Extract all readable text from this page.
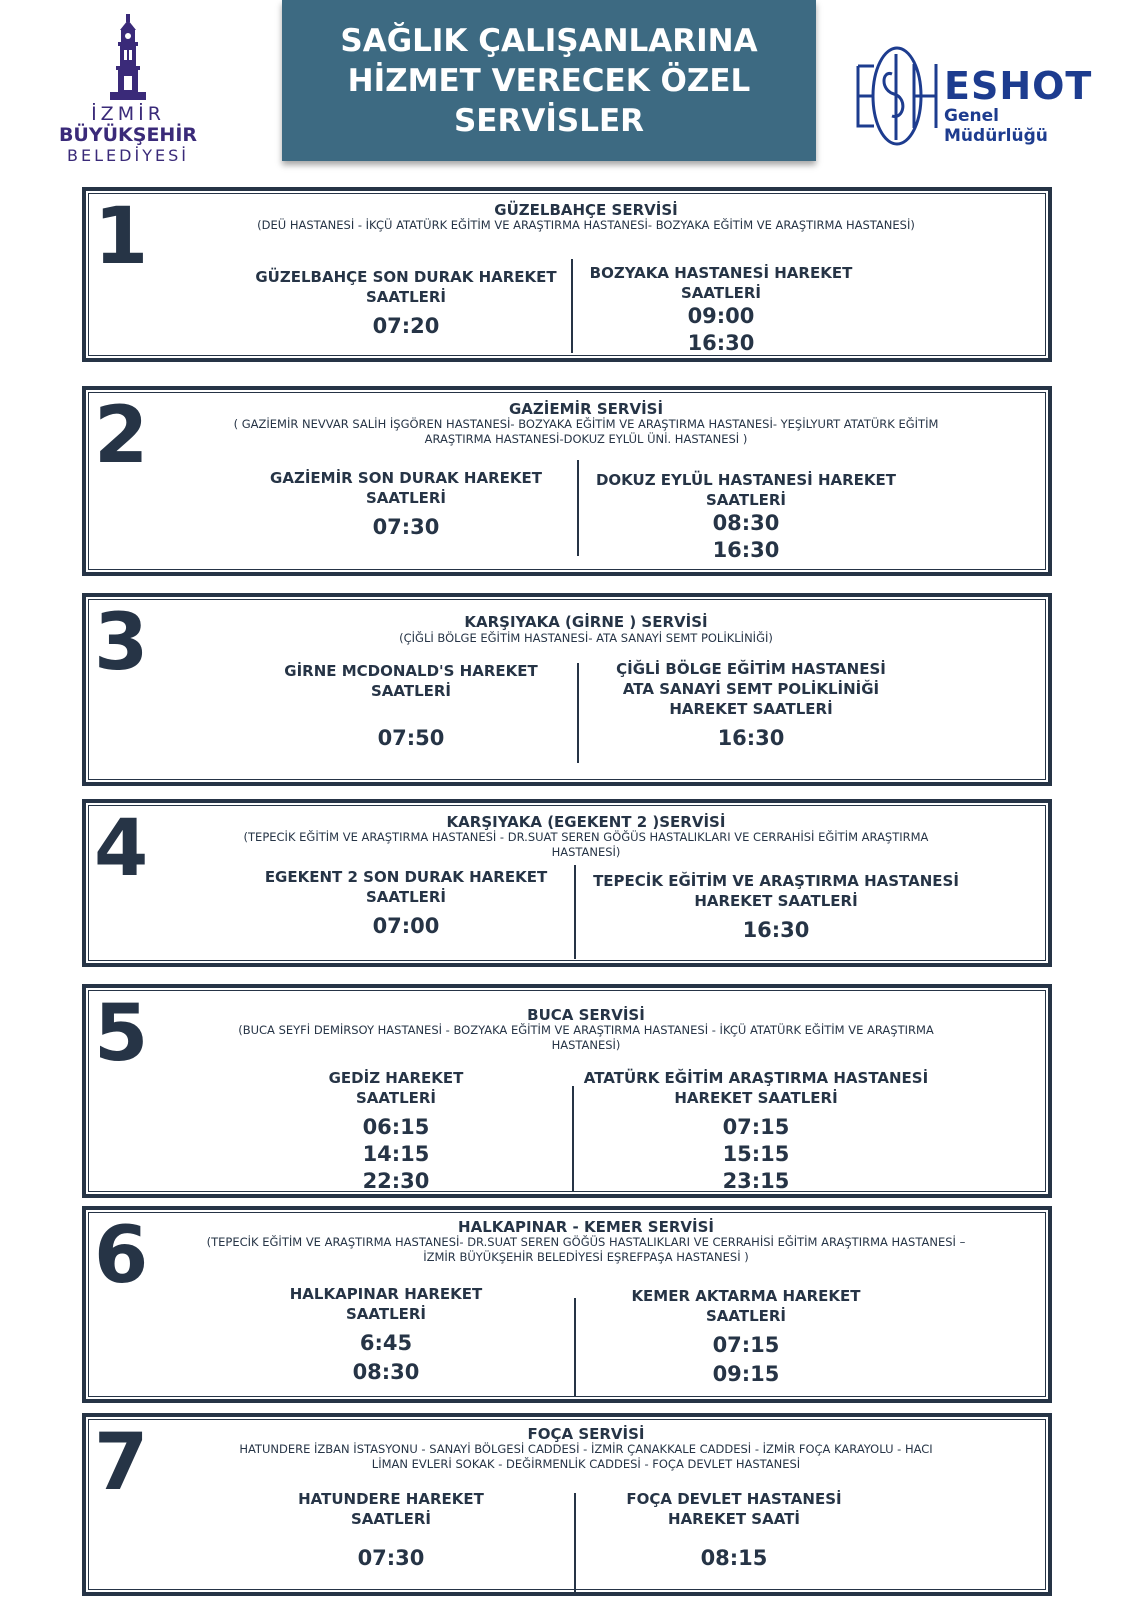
İZMİR
BÜYÜKŞEHİR
BELEDİYESİ
SAĞLIK ÇALIŞANLARINA
HİZMET VERECEK ÖZEL
SERVİSLER
ESHOT
Genel Müdürlüğü
1	GÜZELBAHÇE SERVİSİ
(DEÜ HASTANESİ - İKÇÜ ATATÜRK EĞİTİM VE ARAŞTIRMA HASTANESİ- BOZYAKA EĞİTİM VE ARAŞTIRMA HASTANESİ)
GÜZELBAHÇE SON DURAK HAREKET
SAATLERİ
07:20
BOZYAKA HASTANESİ HAREKET
SAATLERİ
09:00
16:30
2	GAZİEMİR SERVİSİ
( GAZİEMİR NEVVAR SALİH İŞGÖREN HASTANESİ- BOZYAKA EĞİTİM VE ARAŞTIRMA HASTANESİ- YEŞİLYURT ATATÜRK EĞİTİM ARAŞTIRMA HASTANESİ-DOKUZ EYLÜL ÜNİ. HASTANESİ )
GAZİEMİR SON DURAK HAREKET
SAATLERİ
07:30
DOKUZ EYLÜL HASTANESİ HAREKET
SAATLERİ
08:30
16:30
3	KARŞIYAKA (GİRNE ) SERVİSİ
(ÇİĞLİ BÖLGE EĞİTİM HASTANESİ- ATA SANAYİ SEMT POLİKLİNİĞİ)
GİRNE MCDONALD'S HAREKET
SAATLERİ
07:50
ÇİĞLİ BÖLGE EĞİTİM HASTANESİ
ATA SANAYİ SEMT POLİKLİNİĞİ
HAREKET SAATLERİ
16:30
4	KARŞIYAKA (EGEKENT 2 )SERVİSİ
(TEPECİK EĞİTİM VE ARAŞTIRMA HASTANESİ - DR.SUAT SEREN GÖĞÜS HASTALIKLARI VE CERRAHİSİ EĞİTİM ARAŞTIRMA HASTANESİ)
EGEKENT 2 SON DURAK HAREKET
SAATLERİ
07:00
TEPECİK EĞİTİM VE ARAŞTIRMA HASTANESİ
HAREKET SAATLERİ
16:30
5	BUCA SERVİSİ
(BUCA SEYFİ DEMİRSOY HASTANESİ - BOZYAKA EĞİTİM VE ARAŞTIRMA HASTANESİ - İKÇÜ ATATÜRK EĞİTİM VE ARAŞTIRMA HASTANESİ)
GEDİZ HAREKET
SAATLERİ
06:15
14:15
22:30
ATATÜRK EĞİTİM ARAŞTIRMA HASTANESİ
HAREKET SAATLERİ
07:15
15:15
23:15
6	HALKAPINAR - KEMER SERVİSİ
(TEPECİK EĞİTİM VE ARAŞTIRMA HASTANESİ- DR.SUAT SEREN GÖĞÜS HASTALIKLARI VE CERRAHİSİ EĞİTİM ARAŞTIRMA HASTANESİ – İZMİR BÜYÜKŞEHİR BELEDİYESİ EŞREFPAŞA HASTANESİ )
HALKAPINAR HAREKET
SAATLERİ
6:45
08:30
KEMER AKTARMA HAREKET
SAATLERİ
07:15
09:15
7	FOÇA SERVİSİ
HATUNDERE İZBAN İSTASYONU - SANAYİ BÖLGESİ CADDESİ - İZMİR ÇANAKKALE CADDESİ - İZMİR FOÇA KARAYOLU - HACI LİMAN EVLERİ SOKAK - DEĞİRMENLİK CADDESİ - FOÇA DEVLET HASTANESİ
HATUNDERE HAREKET
SAATLERİ
07:30
FOÇA DEVLET HASTANESİ
HAREKET SAATİ
08:15
